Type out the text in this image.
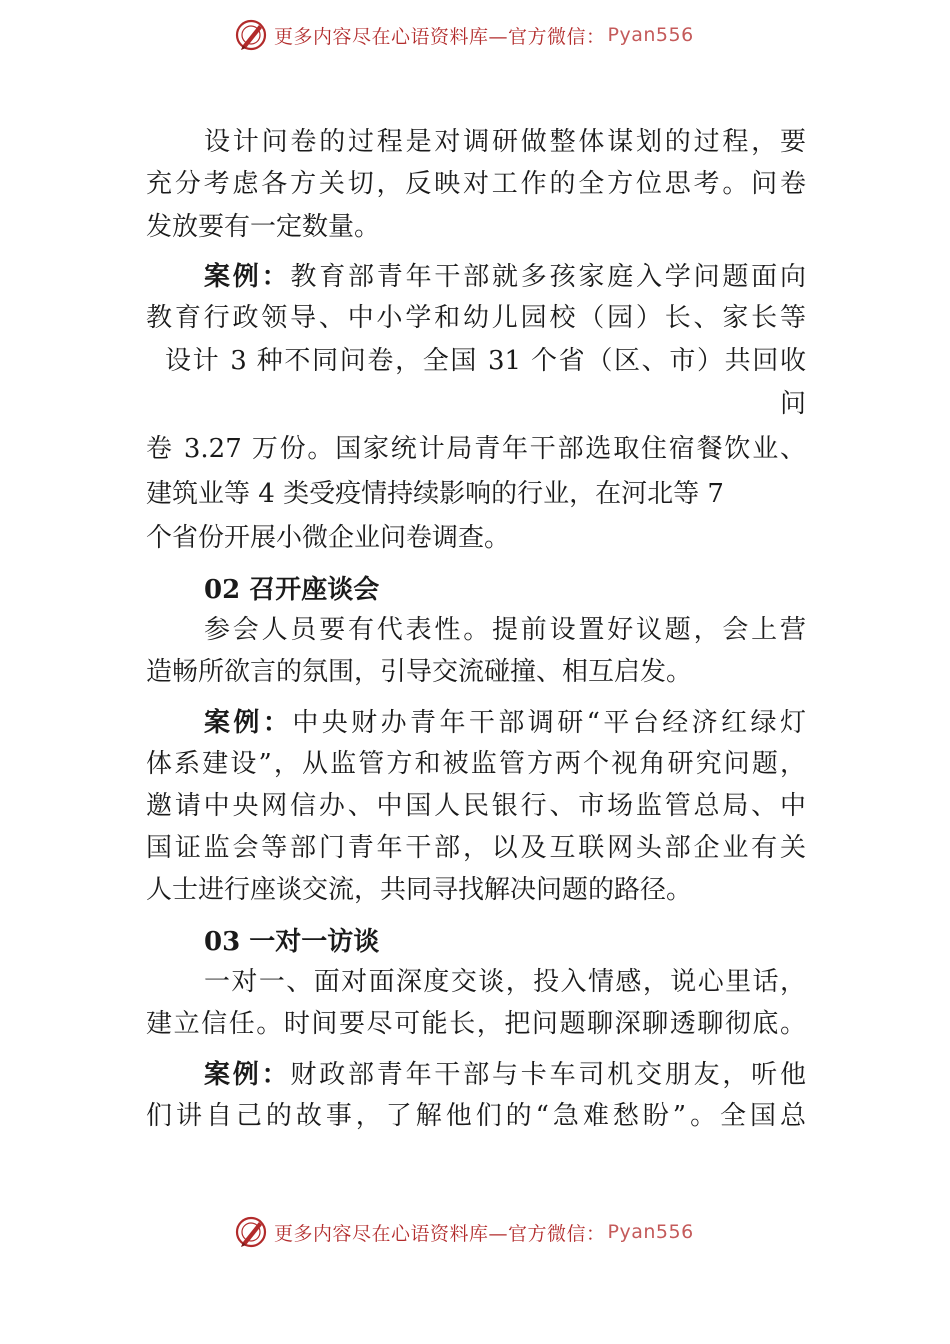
更多内容尽在心语资料库—官方微信： Pyan556
设计问卷的过程是对调研做整体谋划的过程，要
充分考虑各方关切，反映对工作的全方位思考。问卷
发放要有一定数量。
案例：教育部青年干部就多孩家庭入学问题面向
教育行政领导、中小学和幼儿园校（园）长、家长等
设计 3 种不同问卷，全国 31 个省（区、市）共回收
问
卷 3.27 万份。国家统计局青年干部选取住宿餐饮业、
建筑业等 4 类受疫情持续影响的行业，在河北等 7
个省份开展小微企业问卷调查。
02 召开座谈会
参会人员要有代表性。提前设置好议题，会上营
造畅所欲言的氛围，引导交流碰撞、相互启发。
案例：中央财办青年干部调研“平台经济红绿灯
体系建设”，从监管方和被监管方两个视角研究问题，
邀请中央网信办、中国人民银行、市场监管总局、中
国证监会等部门青年干部，以及互联网头部企业有关
人士进行座谈交流，共同寻找解决问题的路径。
03 一对一访谈
一对一、面对面深度交谈，投入情感，说心里话，
建立信任。时间要尽可能长，把问题聊深聊透聊彻底。
案例：财政部青年干部与卡车司机交朋友，听他
们讲自己的故事，了解他们的“急难愁盼”。全国总
更多内容尽在心语资料库—官方微信： Pyan556
